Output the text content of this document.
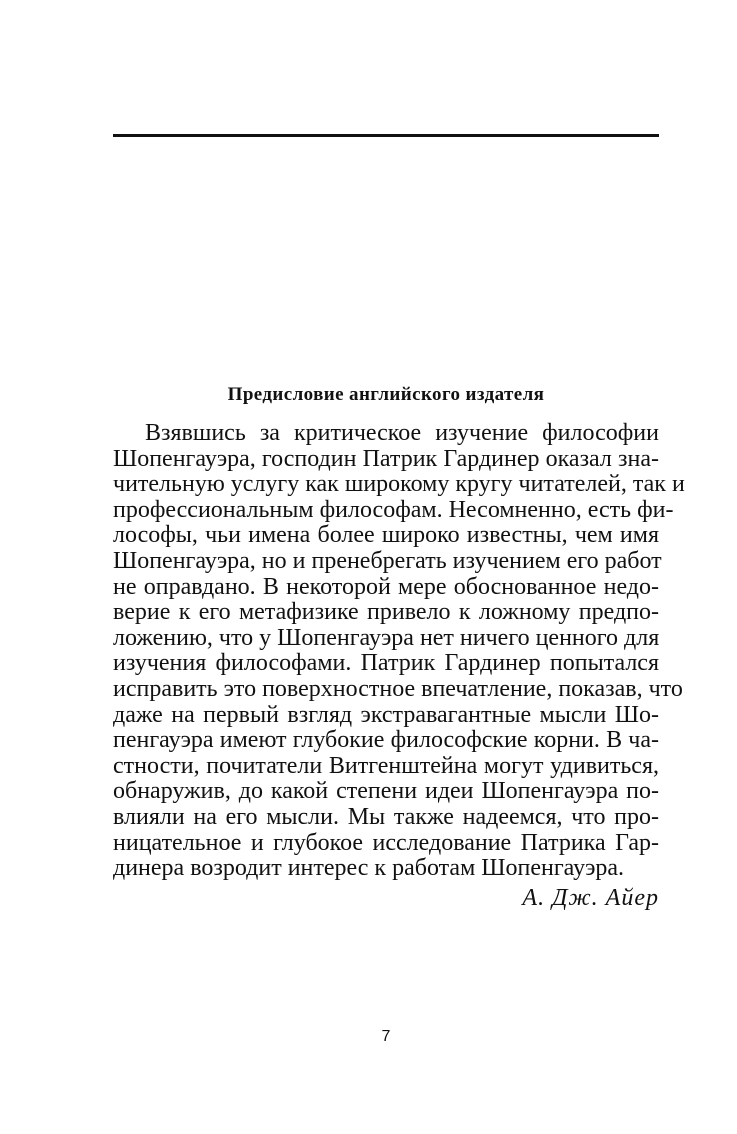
Предисловие английского издателя
Взявшись за критическое изучение философии
Шопенгауэра, господин Патрик Гардинер оказал зна-
чительную услугу как широкому кругу читателей, так и
профессиональным философам. Несомненно, есть фи-
лософы, чьи имена более широко известны, чем имя
Шопенгауэра, но и пренебрегать изучением его работ
не оправдано. В некоторой мере обоснованное недо-
верие к его метафизике привело к ложному предпо-
ложению, что у Шопенгауэра нет ничего ценного для
изучения философами. Патрик Гардинер попытался
исправить это поверхностное впечатление, показав, что
даже на первый взгляд экстравагантные мысли Шо-
пенгауэра имеют глубокие философские корни. В ча-
стности, почитатели Витгенштейна могут удивиться,
обнаружив, до какой степени идеи Шопенгауэра по-
влияли на его мысли. Мы также надеемся, что про-
ницательное и глубокое исследование Патрика Гар-
динера возродит интерес к работам Шопенгауэра.
А. Дж. Айер
7
